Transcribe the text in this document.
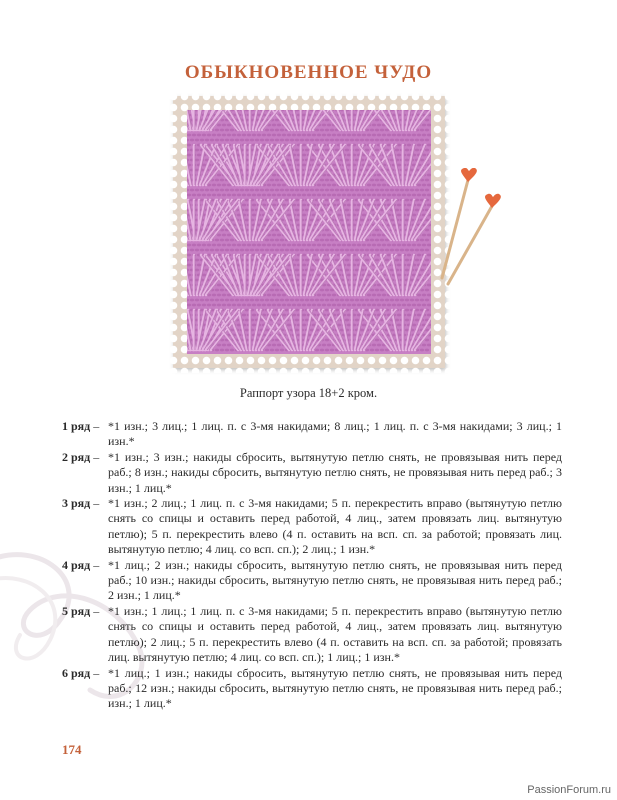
ОБЫКНОВЕННОЕ ЧУДО
Раппорт узора 18+2 кром.
1 ряд – *1 изн.; 3 лиц.; 1 лиц. п. с 3-мя накидами; 8 лиц.; 1 лиц. п. с 3-мя накидами; 3 лиц.; 1 изн.*
2 ряд – *1 изн.; 3 изн.; накиды сбросить, вытянутую петлю снять, не провязывая нить перед раб.; 8 изн.; накиды сбросить, вытянутую петлю снять, не провязывая нить перед раб.; 3 изн.; 1 лиц.*
3 ряд – *1 изн.; 2 лиц.; 1 лиц. п. с 3-мя накидами; 5 п. перекрестить вправо (вытянутую петлю снять со спицы и оставить перед работой, 4 лиц., затем провязать лиц. вытянутую петлю); 5 п. перекрестить влево (4 п. оставить на всп. сп. за работой; провязать лиц. вытянутую петлю; 4 лиц. со всп. сп.); 2 лиц.; 1 изн.*
4 ряд – *1 лиц.; 2 изн.; накиды сбросить, вытянутую петлю снять, не провязывая нить перед раб.; 10 изн.; накиды сбросить, вытянутую петлю снять, не провязывая нить перед раб.; 2 изн.; 1 лиц.*
5 ряд – *1 изн.; 1 лиц.; 1 лиц. п. с 3-мя накидами; 5 п. перекрестить вправо (вытянутую петлю снять со спицы и оставить перед работой, 4 лиц., затем провязать лиц. вытянутую петлю); 2 лиц.; 5 п. перекрестить влево (4 п. оставить на всп. сп. за работой; провязать лиц. вытянутую петлю; 4 лиц. со всп. сп.); 1 лиц.; 1 изн.*
6 ряд – *1 лиц.; 1 изн.; накиды сбросить, вытянутую петлю снять, не провязывая нить перед раб.; 12 изн.; накиды сбросить, вытянутую петлю снять, не провязывая нить перед раб.; изн.; 1 лиц.*
174
PassionForum.ru
